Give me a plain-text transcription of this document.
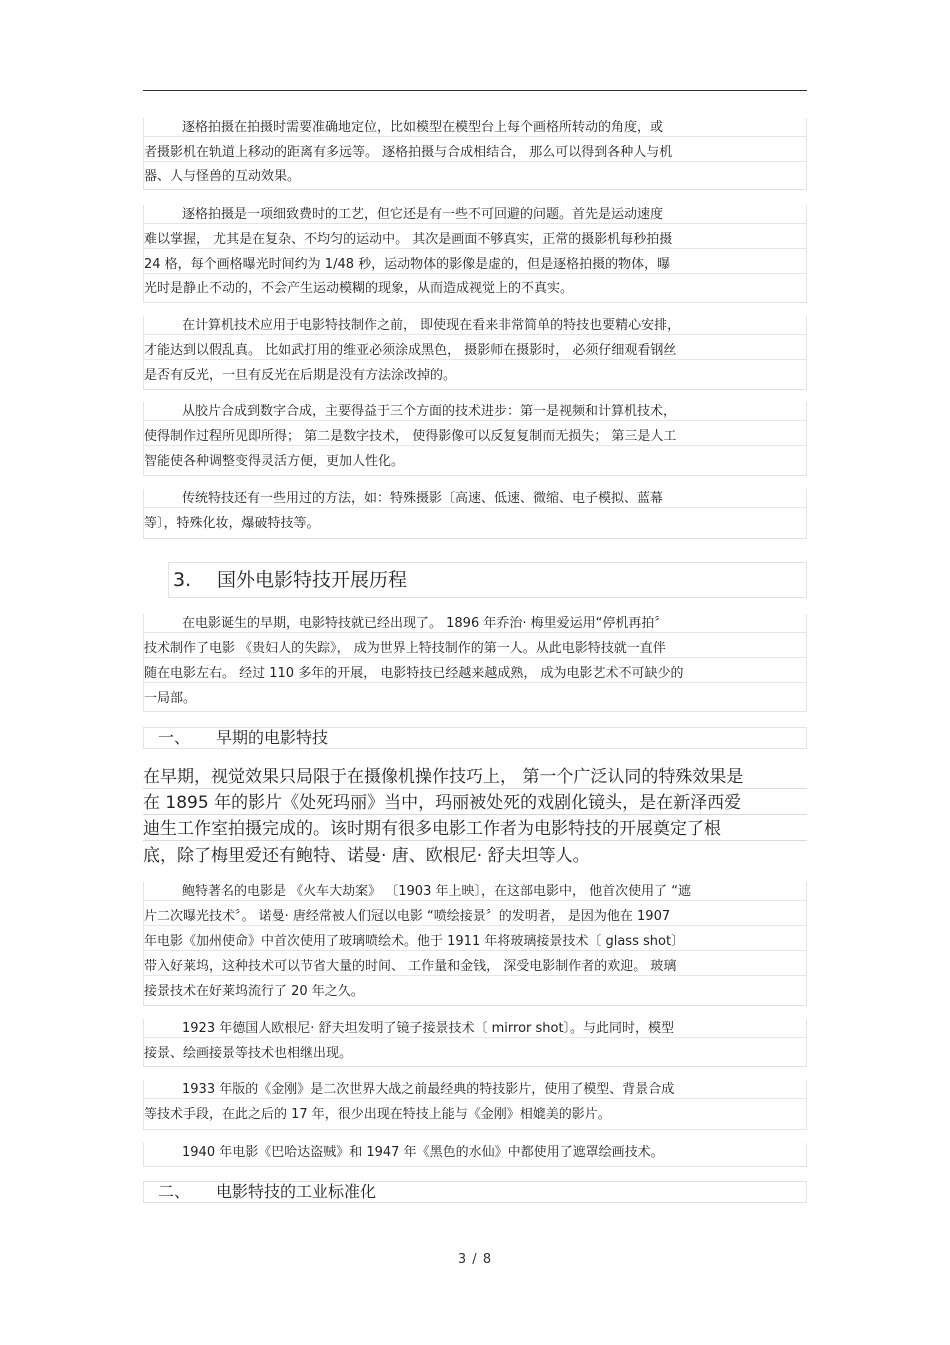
逐格拍摄在拍摄时需要准确地定位，比如模型在模型台上每个画格所转动的角度，或
者摄影机在轨道上移动的距离有多远等。 逐格拍摄与合成相结合， 那么可以得到各种人与机
器、人与怪兽的互动效果。
逐格拍摄是一项细致费时的工艺，但它还是有一些不可回避的问题。首先是运动速度
难以掌握， 尤其是在复杂、不均匀的运动中。 其次是画面不够真实，正常的摄影机每秒拍摄
24 格，每个画格曝光时间约为 1/48 秒，运动物体的影像是虚的，但是逐格拍摄的物体，曝
光时是静止不动的，不会产生运动模糊的现象，从而造成视觉上的不真实。
在计算机技术应用于电影特技制作之前， 即使现在看来非常简单的特技也要精心安排，
才能达到以假乱真。 比如武打用的维亚必须涂成黑色， 摄影师在摄影时， 必须仔细观看钢丝
是否有反光，一旦有反光在后期是没有方法涂改掉的。
从胶片合成到数字合成，主要得益于三个方面的技术进步：第一是视频和计算机技术，
使得制作过程所见即所得； 第二是数字技术， 使得影像可以反复复制而无损失； 第三是人工
智能使各种调整变得灵活方便，更加人性化。
传统特技还有一些用过的方法，如：特殊摄影〔高速、低速、微缩、电子模拟、蓝幕
等〕，特殊化妆，爆破特技等。
3. 国外电影特技开展历程
在电影诞生的早期，电影特技就已经出现了。 1896 年乔治· 梅里爱运用“停机再拍〞
技术制作了电影 《贵妇人的失踪》， 成为世界上特技制作的第一人。从此电影特技就一直伴
随在电影左右。 经过 110 多年的开展， 电影特技已经越来越成熟， 成为电影艺术不可缺少的
一局部。
一、 早期的电影特技
在早期，视觉效果只局限于在摄像机操作技巧上， 第一个广泛认同的特殊效果是
在 1895 年的影片《处死玛丽》当中，玛丽被处死的戏剧化镜头，是在新泽西爱
迪生工作室拍摄完成的。该时期有很多电影工作者为电影特技的开展奠定了根
底，除了梅里爱还有鲍特、诺曼· 唐、欧根尼· 舒夫坦等人。
鲍特著名的电影是 《火车大劫案》 〔1903 年上映〕，在这部电影中， 他首次使用了 “遮
片二次曝光技术〞。 诺曼· 唐经常被人们冠以电影 “喷绘接景〞的发明者， 是因为他在 1907
年电影《加州使命》中首次使用了玻璃喷绘术。他于 1911 年将玻璃接景技术〔 glass shot〕
带入好莱坞，这种技术可以节省大量的时间、 工作量和金钱， 深受电影制作者的欢迎。 玻璃
接景技术在好莱坞流行了 20 年之久。
1923 年德国人欧根尼· 舒夫坦发明了镜子接景技术〔 mirror shot〕。与此同时，模型
接景、绘画接景等技术也相继出现。
1933 年版的《金刚》是二次世界大战之前最经典的特技影片，使用了模型、背景合成
等技术手段，在此之后的 17 年，很少出现在特技上能与《金刚》相媲美的影片。
1940 年电影《巴哈达盗贼》和 1947 年《黑色的水仙》中都使用了遮罩绘画技术。
二、 电影特技的工业标准化
3 / 8
